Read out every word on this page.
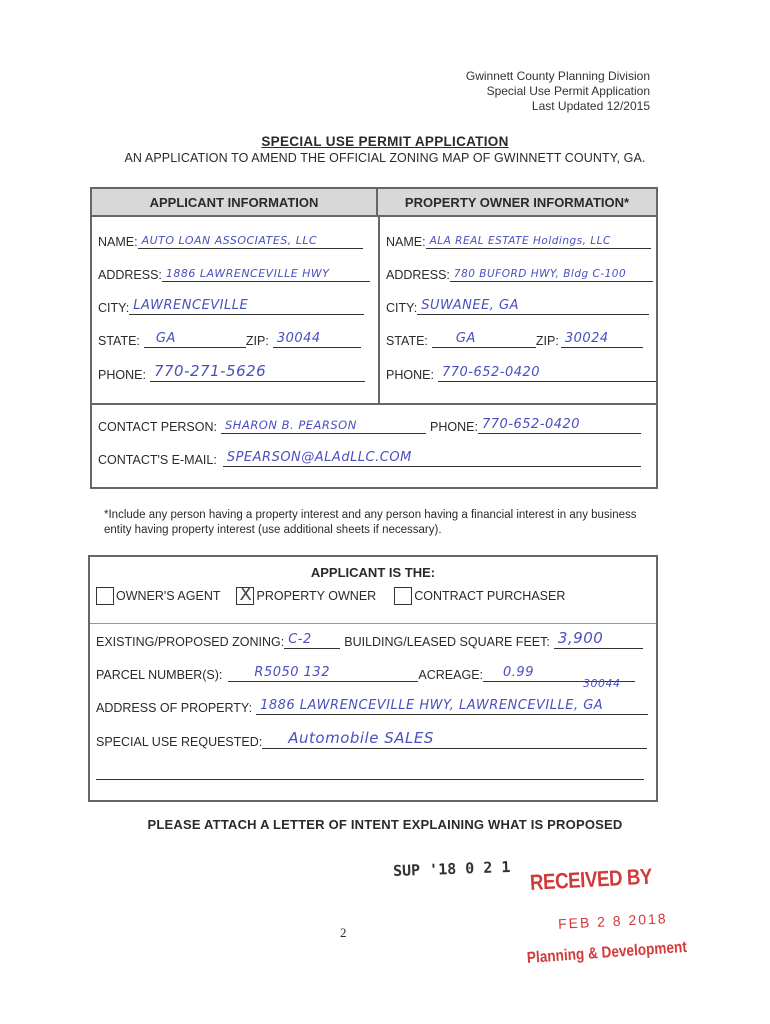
Gwinnett County Planning Division
Special Use Permit Application
Last Updated 12/2015
SPECIAL USE PERMIT APPLICATION
AN APPLICATION TO AMEND THE OFFICIAL ZONING MAP OF GWINNETT COUNTY, GA.
APPLICANT INFORMATION	PROPERTY OWNER INFORMATION*
NAME: AUTO LOAN ASSOCIATES, LLC
ADDRESS: 1886 LAWRENCEVILLE HWY
CITY: LAWRENCEVILLE
STATE: GA	ZIP: 30044
PHONE: 770-271-5626
NAME: ALA REAL ESTATE Holdings, LLC
ADDRESS: 780 BUFORD HWY, Bldg C-100
CITY: SUWANEE, GA
STATE: GA	ZIP: 30024
PHONE: 770-652-0420
CONTACT PERSON: SHARON B. PEARSON	PHONE: 770-652-0420
CONTACT'S E-MAIL: SPEARSON@ALAdLLC.COM
*Include any person having a property interest and any person having a financial interest in any business entity having property interest (use additional sheets if necessary).
APPLICANT IS THE:
OWNER'S AGENT X PROPERTY OWNER	CONTRACT PURCHASER
EXISTING/PROPOSED ZONING: C-2	BUILDING/LEASED SQUARE FEET: 3,900
PARCEL NUMBER(S): R5050 132	ACREAGE: 0.99
30044
ADDRESS OF PROPERTY: 1886 LAWRENCEVILLE HWY, LAWRENCEVILLE, GA
SPECIAL USE REQUESTED: Automobile SALES
PLEASE ATTACH A LETTER OF INTENT EXPLAINING WHAT IS PROPOSED
SUP '18 0 2 1 RECEIVED BY
FEB 2 8 2018
2
Planning & Development
